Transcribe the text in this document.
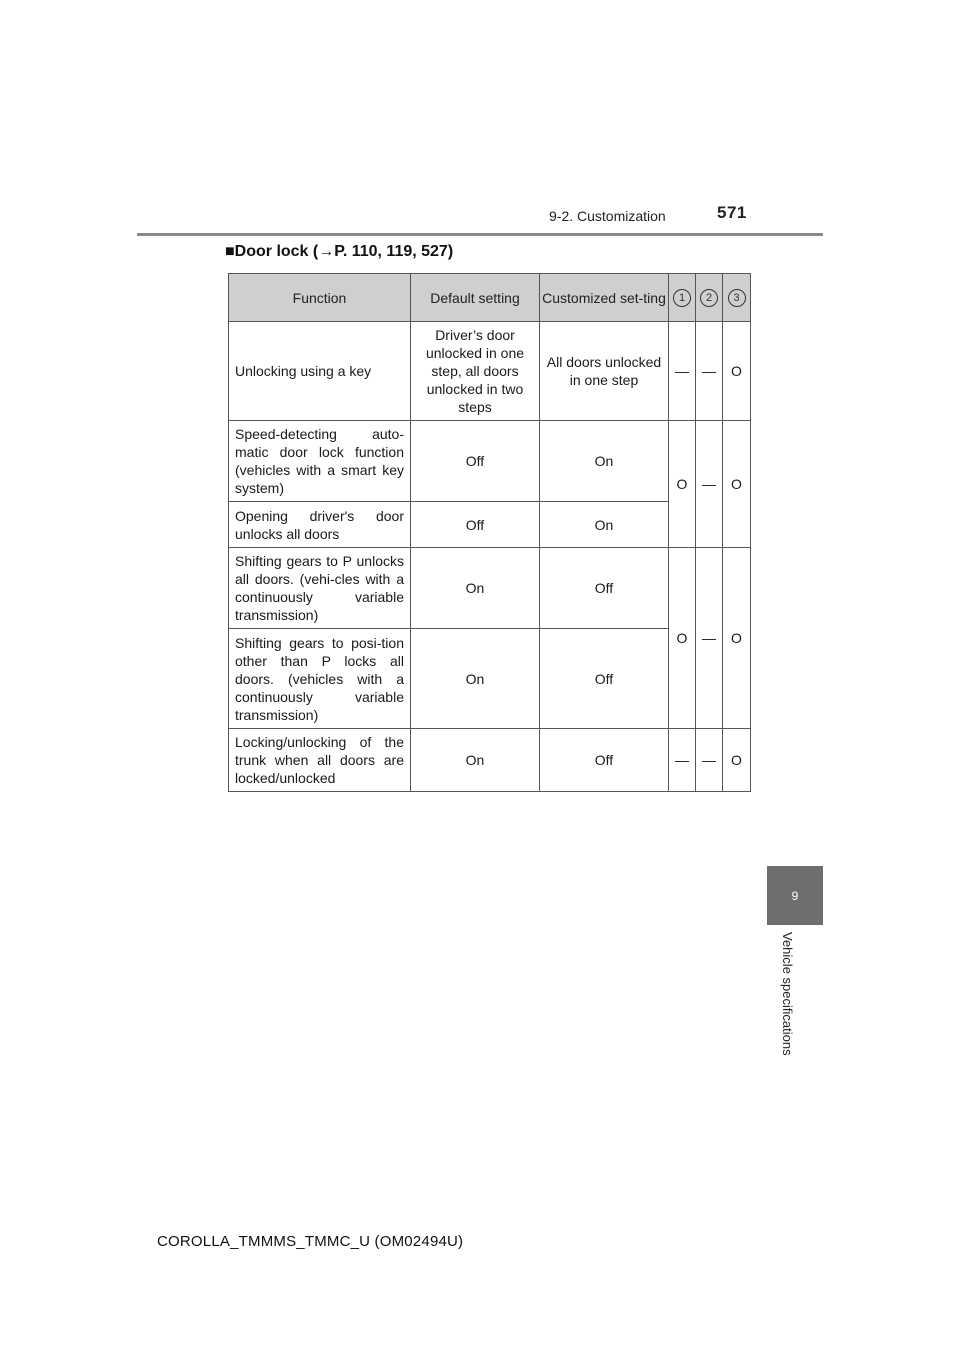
9-2. Customization	571
■Door lock (→P. 110, 119, 527)
Function	Default setting	Customized set-ting	1	2	3
Unlocking using a key	Driver’s door unlocked in one step, all doors unlocked in two steps	All doors unlocked in one step	—	—	O
Speed-detecting auto-matic door lock function (vehicles with a smart key system)	Off	On	O	—	O
Opening driver's door unlocks all doors	Off	On			
Shifting gears to P unlocks all doors. (vehi-cles with a continuously variable transmission)	On	Off	O	—	O
Shifting gears to posi-tion other than P locks all doors. (vehicles with a continuously variable transmission)	On	Off			
Locking/unlocking of the trunk when all doors are locked/unlocked	On	Off	—	—	O
9
Vehicle specifications
COROLLA_TMMMS_TMMC_U (OM02494U)
